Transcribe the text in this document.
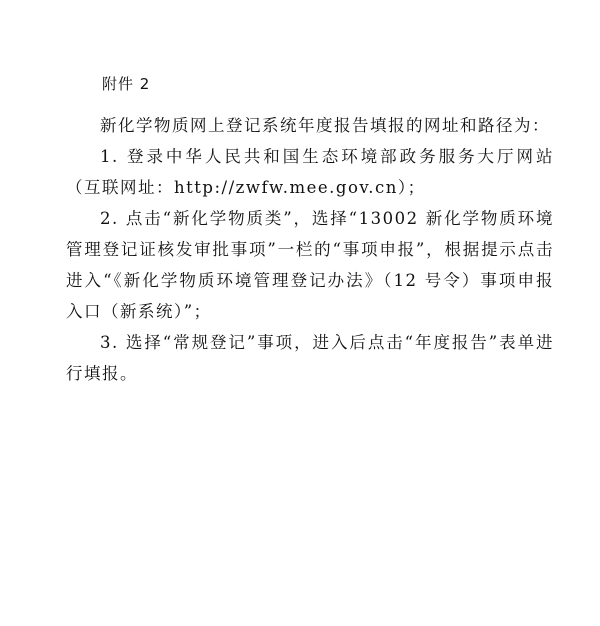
附件 2

新化学物质网上登记系统年度报告填报的网址和路径为：

1. 登录中华人民共和国生态环境部政务服务大厅网站（互联网址：http://zwfw.mee.gov.cn）；

2. 点击“新化学物质类”，选择“13002 新化学物质环境管理登记证核发审批事项”一栏的“事项申报”，根据提示点击进入“《新化学物质环境管理登记办法》（12 号令）事项申报入口（新系统）”；

3. 选择“常规登记”事项，进入后点击“年度报告”表单进行填报。
